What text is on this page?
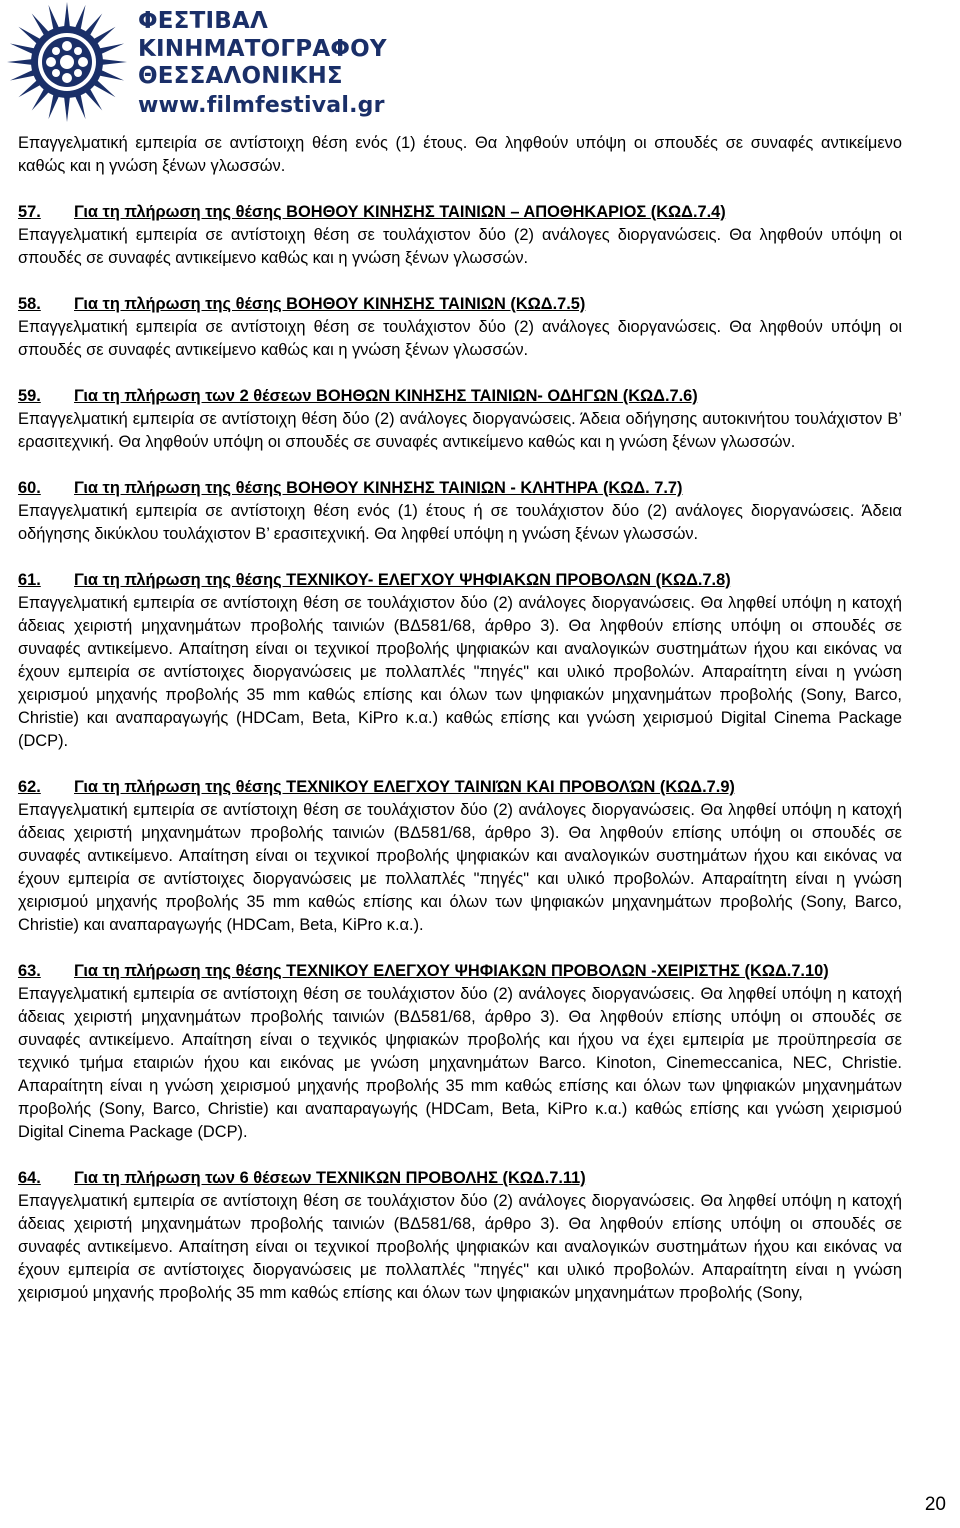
ΦΕΣΤΙΒΑΛ
ΚΙΝΗΜΑΤΟΓΡΑΦΟΥ
ΘΕΣΣΑΛΟΝΙΚΗΣ
www.filmfestival.gr

Επαγγελματική εμπειρία σε αντίστοιχη θέση ενός (1) έτους. Θα ληφθούν υπόψη οι σπουδές σε συναφές αντικείμενο καθώς και η γνώση ξένων γλωσσών.

57.	Για τη πλήρωση της θέσης ΒΟΗΘΟΥ ΚΙΝΗΣΗΣ ΤΑΙΝΙΩΝ – ΑΠΟΘΗΚΑΡΙΟΣ (ΚΩΔ.7.4)

Επαγγελματική εμπειρία σε αντίστοιχη θέση σε τουλάχιστον δύο (2) ανάλογες διοργανώσεις. Θα ληφθούν υπόψη οι σπουδές σε συναφές αντικείμενο καθώς και η γνώση ξένων γλωσσών.

58.	Για τη πλήρωση της θέσης ΒΟΗΘΟΥ ΚΙΝΗΣΗΣ ΤΑΙΝΙΩΝ (ΚΩΔ.7.5)

Επαγγελματική εμπειρία σε αντίστοιχη θέση σε τουλάχιστον δύο (2) ανάλογες διοργανώσεις. Θα ληφθούν υπόψη οι σπουδές σε συναφές αντικείμενο καθώς και η γνώση ξένων γλωσσών.

59.	Για τη πλήρωση των 2 θέσεων ΒΟΗΘΩΝ ΚΙΝΗΣΗΣ ΤΑΙΝΙΩΝ- ΟΔΗΓΩΝ (ΚΩΔ.7.6)

Επαγγελματική εμπειρία σε αντίστοιχη θέση δύο (2) ανάλογες διοργανώσεις. Άδεια οδήγησης αυτοκινήτου τουλάχιστον Β’ ερασιτεχνική. Θα ληφθούν υπόψη οι σπουδές σε συναφές αντικείμενο καθώς και η γνώση ξένων γλωσσών.

60.	Για τη πλήρωση της θέσης ΒΟΗΘΟΥ ΚΙΝΗΣΗΣ ΤΑΙΝΙΩΝ - ΚΛΗΤΗΡΑ (ΚΩΔ. 7.7)

Επαγγελματική εμπειρία σε αντίστοιχη θέση ενός (1) έτους ή σε τουλάχιστον δύο (2) ανάλογες διοργανώσεις. Άδεια οδήγησης δικύκλου τουλάχιστον Β’ ερασιτεχνική. Θα ληφθεί υπόψη η γνώση ξένων γλωσσών.

61.	Για τη πλήρωση της θέσης ΤΕΧΝΙΚΟΥ- ΕΛΕΓΧΟΥ ΨΗΦΙΑΚΩΝ ΠΡΟΒΟΛΩΝ (ΚΩΔ.7.8)

Επαγγελματική εμπειρία σε αντίστοιχη θέση σε τουλάχιστον δύο (2) ανάλογες διοργανώσεις. Θα ληφθεί υπόψη η κατοχή άδειας χειριστή μηχανημάτων προβολής ταινιών (ΒΔ581/68, άρθρο 3). Θα ληφθούν επίσης υπόψη οι σπουδές σε συναφές αντικείμενο. Απαίτηση είναι οι τεχνικοί προβολής ψηφιακών και αναλογικών συστημάτων ήχου και εικόνας να έχουν εμπειρία σε αντίστοιχες διοργανώσεις με πολλαπλές "πηγές" και υλικό προβολών. Απαραίτητη είναι η γνώση χειρισμού μηχανής προβολής 35 mm καθώς επίσης και όλων των ψηφιακών μηχανημάτων προβολής (Sony, Barco, Christie) και αναπαραγωγής (HDCam, Beta, KiPro κ.α.) καθώς επίσης και γνώση χειρισμού Digital Cinema Package (DCP).

62.	Για τη πλήρωση της θέσης ΤΕΧΝΙΚΟΥ ΕΛΕΓΧΟΥ ΤΑΙΝΙΏΝ ΚΑΙ ΠΡΟΒΟΛΏΝ (ΚΩΔ.7.9)

Επαγγελματική εμπειρία σε αντίστοιχη θέση σε τουλάχιστον δύο (2) ανάλογες διοργανώσεις. Θα ληφθεί υπόψη η κατοχή άδειας χειριστή μηχανημάτων προβολής ταινιών (ΒΔ581/68, άρθρο 3). Θα ληφθούν επίσης υπόψη οι σπουδές σε συναφές αντικείμενο. Απαίτηση είναι οι τεχνικοί προβολής ψηφιακών και αναλογικών συστημάτων ήχου και εικόνας να έχουν εμπειρία σε αντίστοιχες διοργανώσεις με πολλαπλές "πηγές" και υλικό προβολών. Απαραίτητη είναι η γνώση χειρισμού μηχανής προβολής 35 mm καθώς επίσης και όλων των ψηφιακών μηχανημάτων προβολής (Sony, Barco, Christie) και αναπαραγωγής (HDCam, Beta, KiPro κ.α.).

63.	Για τη πλήρωση της θέσης ΤΕΧΝΙΚΟΥ ΕΛΕΓΧΟΥ ΨΗΦΙΑΚΩΝ ΠΡΟΒΟΛΩΝ -ΧΕΙΡΙΣΤΗΣ (ΚΩΔ.7.10)

Επαγγελματική εμπειρία σε αντίστοιχη θέση σε τουλάχιστον δύο (2) ανάλογες διοργανώσεις. Θα ληφθεί υπόψη η κατοχή άδειας χειριστή μηχανημάτων προβολής ταινιών (ΒΔ581/68, άρθρο 3). Θα ληφθούν επίσης υπόψη οι σπουδές σε συναφές αντικείμενο. Απαίτηση είναι ο τεχνικός ψηφιακών προβολής και ήχου να έχει εμπειρία με προϋπηρεσία σε τεχνικό τμήμα εταιριών ήχου και εικόνας με γνώση μηχανημάτων Barco. Kinoton, Cinemeccanica, NEC, Christie. Απαραίτητη είναι η γνώση χειρισμού μηχανής προβολής 35 mm καθώς επίσης και όλων των ψηφιακών μηχανημάτων προβολής (Sony, Barco, Christie) και αναπαραγωγής (HDCam, Beta, KiPro κ.α.) καθώς επίσης και γνώση χειρισμού Digital Cinema Package (DCP).

64.	Για τη πλήρωση των 6 θέσεων ΤΕΧΝΙΚΩΝ ΠΡΟΒΟΛΗΣ (ΚΩΔ.7.11)

Επαγγελματική εμπειρία σε αντίστοιχη θέση σε τουλάχιστον δύο (2) ανάλογες διοργανώσεις. Θα ληφθεί υπόψη η κατοχή άδειας χειριστή μηχανημάτων προβολής ταινιών (ΒΔ581/68, άρθρο 3). Θα ληφθούν επίσης υπόψη οι σπουδές σε συναφές αντικείμενο. Απαίτηση είναι οι τεχνικοί προβολής ψηφιακών και αναλογικών συστημάτων ήχου και εικόνας να έχουν εμπειρία σε αντίστοιχες διοργανώσεις με πολλαπλές "πηγές" και υλικό προβολών. Απαραίτητη είναι η γνώση χειρισμού μηχανής προβολής 35 mm καθώς επίσης και όλων των ψηφιακών μηχανημάτων προβολής (Sony,

20
